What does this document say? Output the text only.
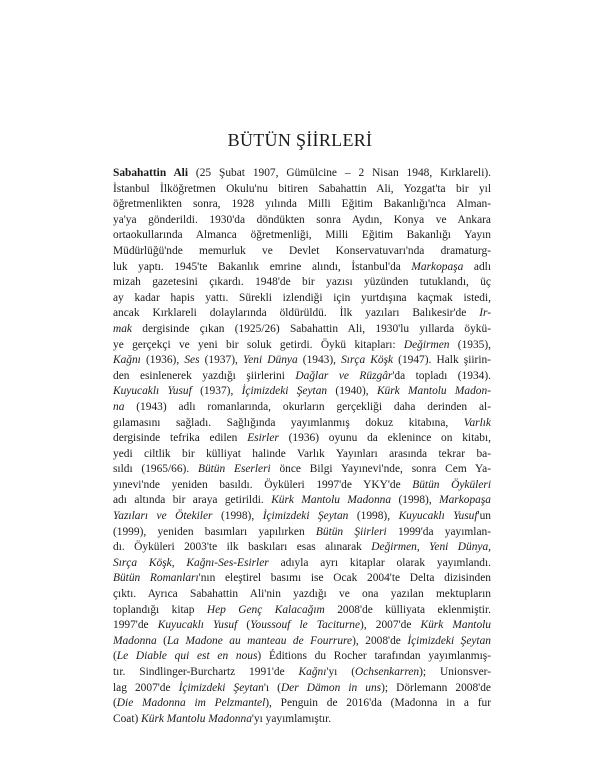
BÜTÜN ŞİİRLERİ
Sabahattin Ali (25 Şubat 1907, Gümülcine – 2 Nisan 1948, Kırklareli).
İstanbul İlköğretmen Okulu'nu bitiren Sabahattin Ali, Yozgat'ta bir yıl
öğretmenlikten sonra, 1928 yılında Milli Eğitim Bakanlığı'nca Alman-
ya'ya gönderildi. 1930'da döndükten sonra Aydın, Konya ve Ankara
ortaokullarında Almanca öğretmenliği, Milli Eğitim Bakanlığı Yayın
Müdürlüğü'nde memurluk ve Devlet Konservatuvarı'nda dramaturg-
luk yaptı. 1945'te Bakanlık emrine alındı, İstanbul'da Markopaşa adlı
mizah gazetesini çıkardı. 1948'de bir yazısı yüzünden tutuklandı, üç
ay kadar hapis yattı. Sürekli izlendiği için yurtdışına kaçmak istedi,
ancak Kırklareli dolaylarında öldürüldü. İlk yazıları Balıkesir'de Ir-
mak dergisinde çıkan (1925/26) Sabahattin Ali, 1930'lu yıllarda öykü-
ye gerçekçi ve yeni bir soluk getirdi. Öykü kitapları: Değirmen (1935),
Kağnı (1936), Ses (1937), Yeni Dünya (1943), Sırça Köşk (1947). Halk şiirin-
den esinlenerek yazdığı şiirlerini Dağlar ve Rüzgâr'da topladı (1934).
Kuyucaklı Yusuf (1937), İçimizdeki Şeytan (1940), Kürk Mantolu Madon-
na (1943) adlı romanlarında, okurların gerçekliği daha derinden al-
gılamasını sağladı. Sağlığında yayımlanmış dokuz kitabına, Varlık
dergisinde tefrika edilen Esirler (1936) oyunu da eklenince on kitabı,
yedi ciltlik bir külliyat halinde Varlık Yayınları arasında tekrar ba-
sıldı (1965/66). Bütün Eserleri önce Bilgi Yayınevi'nde, sonra Cem Ya-
yınevi'nde yeniden basıldı. Öyküleri 1997'de YKY'de Bütün Öyküleri
adı altında bir araya getirildi. Kürk Mantolu Madonna (1998), Markopaşa
Yazıları ve Ötekiler (1998), İçimizdeki Şeytan (1998), Kuyucaklı Yusuf'un
(1999), yeniden basımları yapılırken Bütün Şiirleri 1999'da yayımlan-
dı. Öyküleri 2003'te ilk baskıları esas alınarak Değirmen, Yeni Dünya,
Sırça Köşk, Kağnı-Ses-Esirler adıyla ayrı kitaplar olarak yayımlandı.
Bütün Romanları'nın eleştirel basımı ise Ocak 2004'te Delta dizisinden
çıktı. Ayrıca Sabahattin Ali'nin yazdığı ve ona yazılan mektupların
toplandığı kitap Hep Genç Kalacağım 2008'de külliyata eklenmiştir.
1997'de Kuyucaklı Yusuf (Youssouf le Taciturne), 2007'de Kürk Mantolu
Madonna (La Madone au manteau de Fourrure), 2008'de İçimizdeki Şeytan
(Le Diable qui est en nous) Éditions du Rocher tarafından yayımlanmış-
tır. Sindlinger-Burchartz 1991'de Kağnı'yı (Ochsenkarren); Unionsver-
lag 2007'de İçimizdeki Şeytan'ı (Der Dämon in uns); Dörlemann 2008'de
(Die Madonna im Pelzmantel), Penguin de 2016'da (Madonna in a fur
Coat) Kürk Mantolu Madonna'yı yayımlamıştır.
